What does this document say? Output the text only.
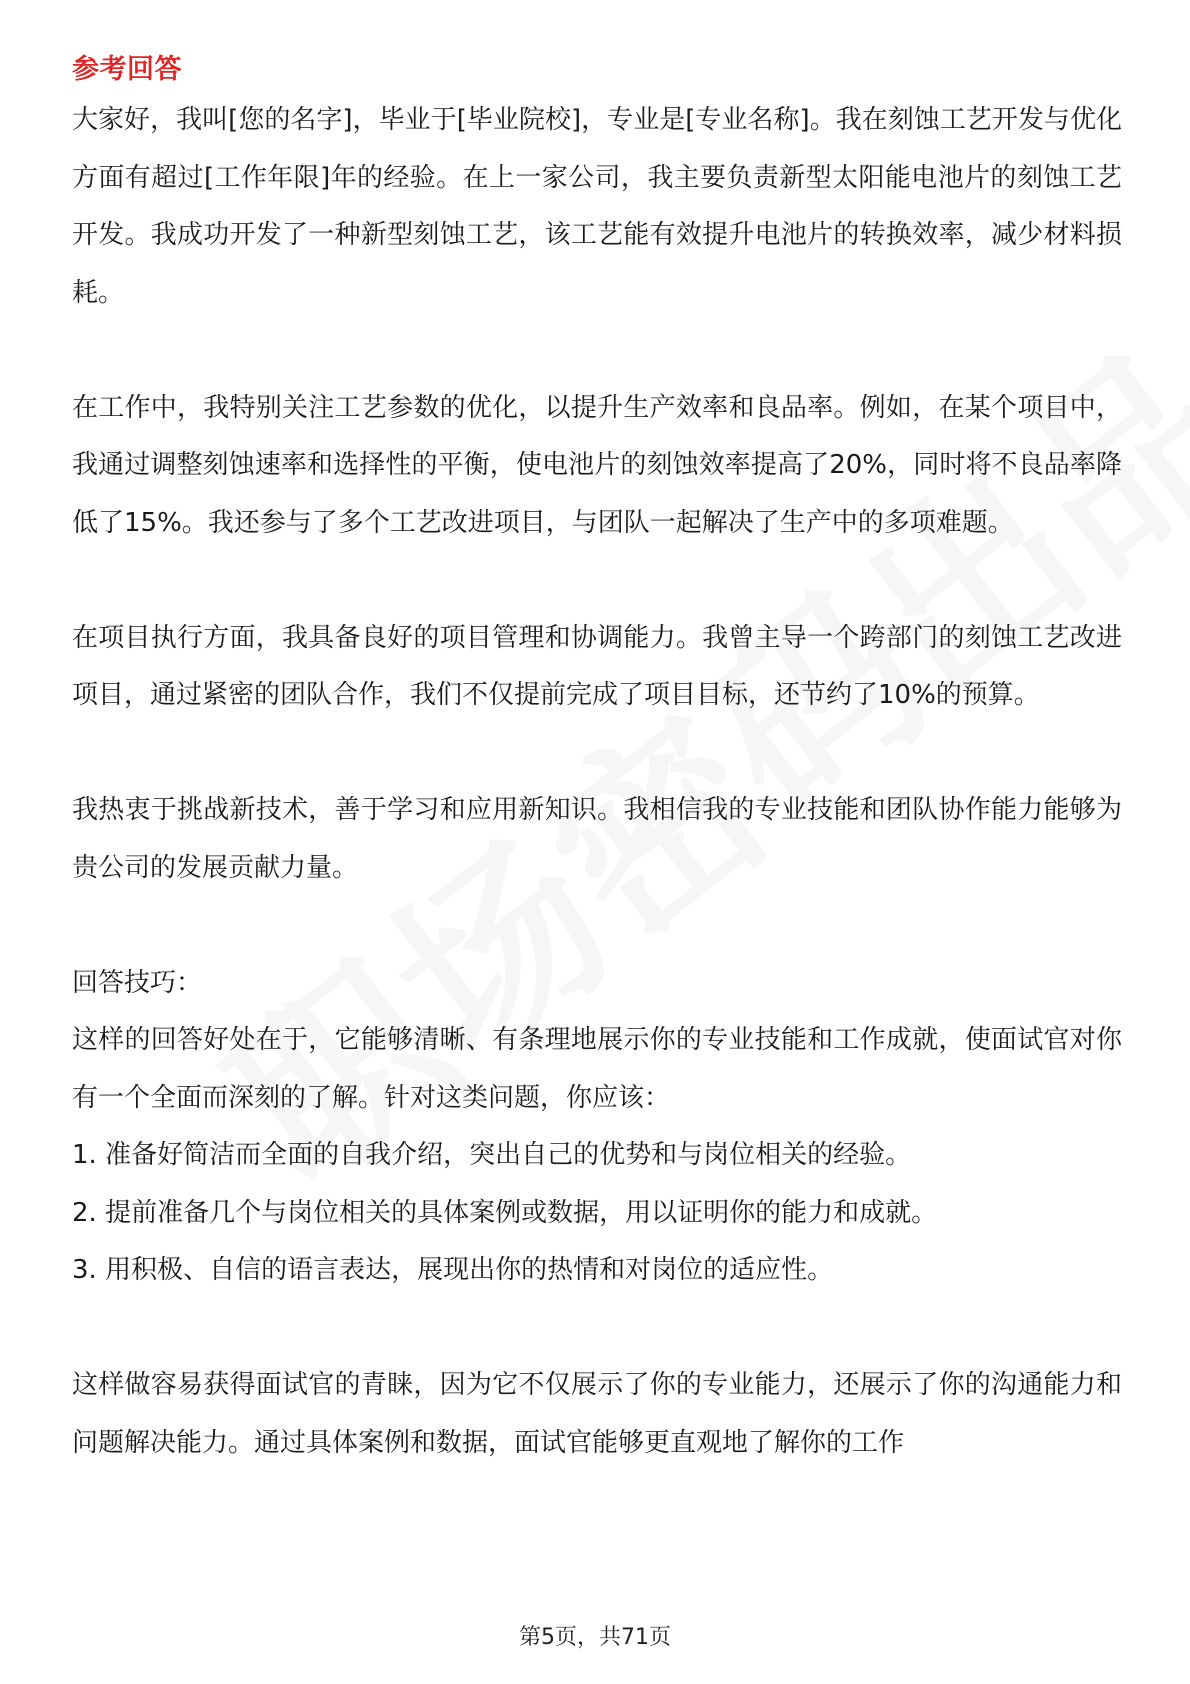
参考回答

大家好，我叫[您的名字]，毕业于[毕业院校]，专业是[专业名称]。我在刻蚀工艺开发与优化方面有超过[工作年限]年的经验。在上一家公司，我主要负责新型太阳能电池片的刻蚀工艺开发。我成功开发了一种新型刻蚀工艺，该工艺能有效提升电池片的转换效率，减少材料损耗。

在工作中，我特别关注工艺参数的优化，以提升生产效率和良品率。例如，在某个项目中，我通过调整刻蚀速率和选择性的平衡，使电池片的刻蚀效率提高了20%，同时将不良品率降低了15%。我还参与了多个工艺改进项目，与团队一起解决了生产中的多项难题。

在项目执行方面，我具备良好的项目管理和协调能力。我曾主导一个跨部门的刻蚀工艺改进项目，通过紧密的团队合作，我们不仅提前完成了项目目标，还节约了10%的预算。

我热衷于挑战新技术，善于学习和应用新知识。我相信我的专业技能和团队协作能力能够为贵公司的发展贡献力量。

回答技巧：

这样的回答好处在于，它能够清晰、有条理地展示你的专业技能和工作成就，使面试官对你有一个全面而深刻的了解。针对这类问题，你应该：

1. 准备好简洁而全面的自我介绍，突出自己的优势和与岗位相关的经验。

2. 提前准备几个与岗位相关的具体案例或数据，用以证明你的能力和成就。

3. 用积极、自信的语言表达，展现出你的热情和对岗位的适应性。

这样做容易获得面试官的青睐，因为它不仅展示了你的专业能力，还展示了你的沟通能力和问题解决能力。通过具体案例和数据，面试官能够更直观地了解你的工作

第5页，共71页
